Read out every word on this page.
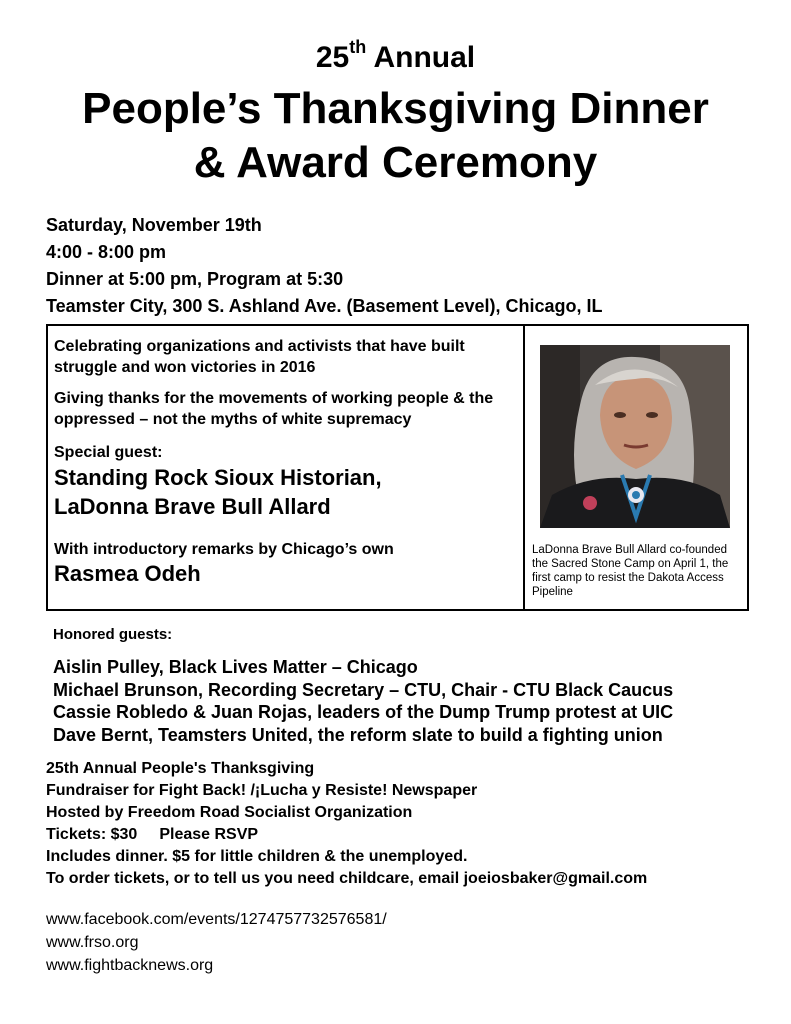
25th Annual
People’s Thanksgiving Dinner
& Award Ceremony
Saturday, November 19th
4:00 - 8:00 pm
Dinner at 5:00 pm, Program at 5:30
Teamster City, 300 S. Ashland Ave. (Basement Level), Chicago, IL

Celebrating organizations and activists that have built struggle and won victories in 2016

Giving thanks for the movements of working people & the oppressed – not the myths of white supremacy

Special guest:
Standing Rock Sioux Historian,
LaDonna Brave Bull Allard
With introductory remarks by Chicago’s own
Rasmea Odeh
LaDonna Brave Bull Allard co-founded the Sacred Stone Camp on April 1, the first camp to resist the Dakota Access Pipeline
Honored guests:
Aislin Pulley, Black Lives Matter – Chicago
Michael Brunson, Recording Secretary – CTU, Chair - CTU Black Caucus
Cassie Robledo & Juan Rojas, leaders of the Dump Trump protest at UIC
Dave Bernt, Teamsters United, the reform slate to build a fighting union
25th Annual People's Thanksgiving
Fundraiser for Fight Back! /¡Lucha y Resiste! Newspaper
Hosted by Freedom Road Socialist Organization
Tickets: $30 Please RSVP
Includes dinner. $5 for little children & the unemployed.
To order tickets, or to tell us you need childcare, email joeiosbaker@gmail.com
www.facebook.com/events/1274757732576581/
www.frso.org
www.fightbacknews.org
